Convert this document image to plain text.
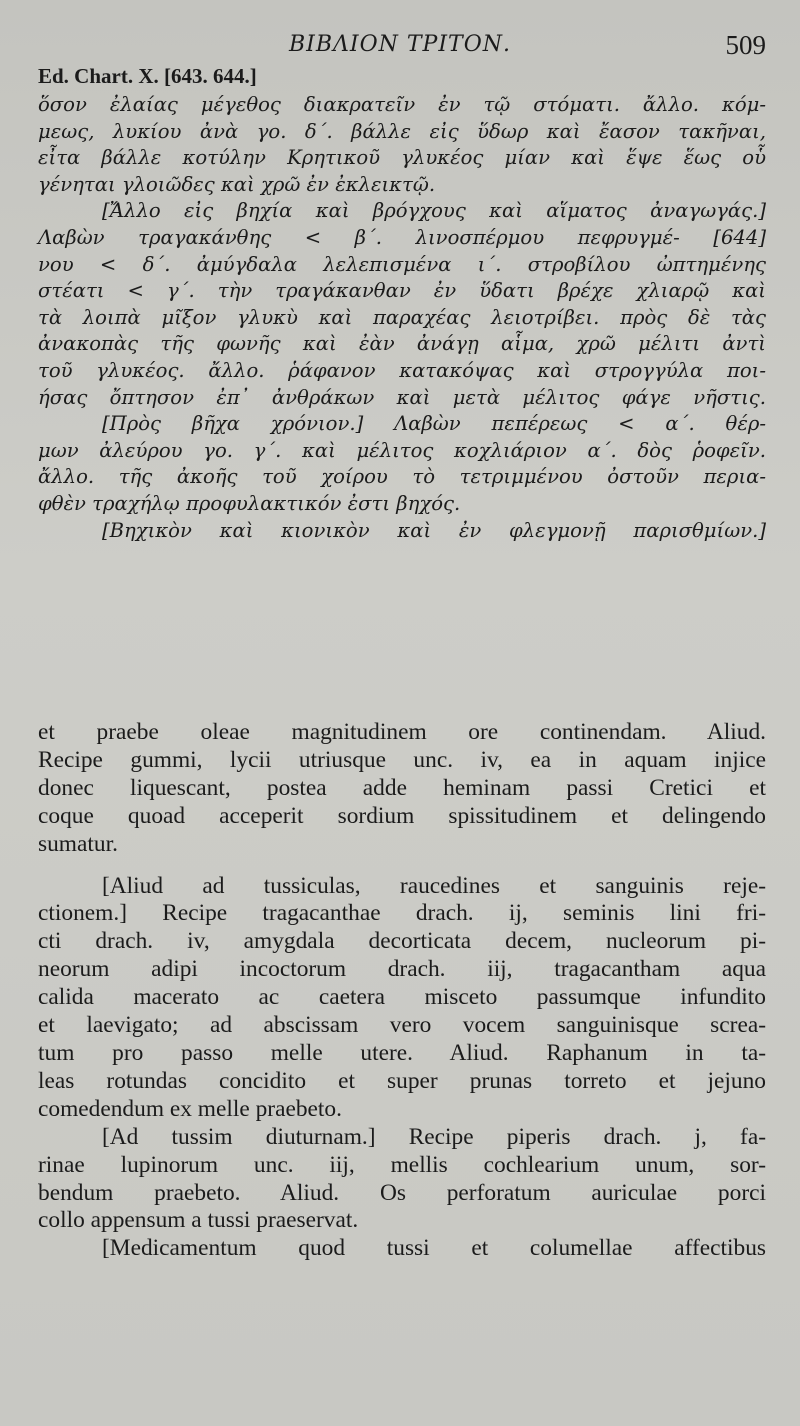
BIBΛΙΟΝ ΤΡΙΤΟΝ.	509
Ed. Chart. X. [643. 644.]
ὅσον ἐλαίας μέγεθος διακρατεῖν ἐν τῷ στόματι. ἄλλο. κόμ-
μεως, λυκίου ἀνὰ γο. δ΄. βάλλε εἰς ὕδωρ καὶ ἔασον τακῆναι,
εἶτα βάλλε κοτύλην Κρητικοῦ γλυκέος μίαν καὶ ἕψε ἕως οὗ
γένηται γλοιῶδες καὶ χρῶ ἐν ἐκλεικτῷ.
[Ἄλλο εἰς βηχία καὶ βρόγχους καὶ αἵματος ἀναγωγάς.]
Λαβὼν τραγακάνθης < β΄. λινοσπέρμου πεφρυγμέ- [644]
νου < δ΄. ἀμύγδαλα λελεπισμένα ι΄. στροβίλου ὠπτημένης
στέατι < γ΄. τὴν τραγάκανθαν ἐν ὕδατι βρέχε χλιαρῷ καὶ
τὰ λοιπὰ μῖξον γλυκὺ καὶ παραχέας λειοτρίβει. πρὸς δὲ τὰς
ἀνακοπὰς τῆς φωνῆς καὶ ἐὰν ἀνάγῃ αἷμα, χρῶ μέλιτι ἀντὶ
τοῦ γλυκέος. ἄλλο. ῥάφανον κατακόψας καὶ στρογγύλα ποι-
ήσας ὄπτησον ἐπ᾽ ἀνθράκων καὶ μετὰ μέλιτος φάγε νῆστις.
[Πρὸς βῆχα χρόνιον.] Λαβὼν πεπέρεως < α΄. θέρ-
μων ἀλεύρου γο. γ΄. καὶ μέλιτος κοχλιάριον α΄. δὸς ῥοφεῖν.
ἄλλο. τῆς ἀκοῆς τοῦ χοίρου τὸ τετριμμένου ὀστοῦν περια-
φθὲν τραχήλῳ προφυλακτικόν ἐστι βηχός.
[Βηχικὸν καὶ κιονικὸν καὶ ἐν φλεγμονῇ παρισθμίων.]
et praebe oleae magnitudinem ore continendam. Aliud.
Recipe gummi, lycii utriusque unc. iv, ea in aquam injice
donec liquescant, postea adde heminam passi Cretici et
coque quoad acceperit sordium spissitudinem et delingendo
sumatur.
[Aliud ad tussiculas, raucedines et sanguinis reje-
ctionem.] Recipe tragacanthae drach. ij, seminis lini fri-
cti drach. iv, amygdala decorticata decem, nucleorum pi-
neorum adipi incoctorum drach. iij, tragacantham aqua
calida macerato ac caetera misceto passumque infundito
et laevigato; ad abscissam vero vocem sanguinisque screa-
tum pro passo melle utere. Aliud. Raphanum in ta-
leas rotundas concidito et super prunas torreto et jejuno
comedendum ex melle praebeto.
[Ad tussim diuturnam.] Recipe piperis drach. j, fa-
rinae lupinorum unc. iij, mellis cochlearium unum, sor-
bendum praebeto. Aliud. Os perforatum auriculae porci
collo appensum a tussi praeservat.
[Medicamentum quod tussi et columellae affectibus
